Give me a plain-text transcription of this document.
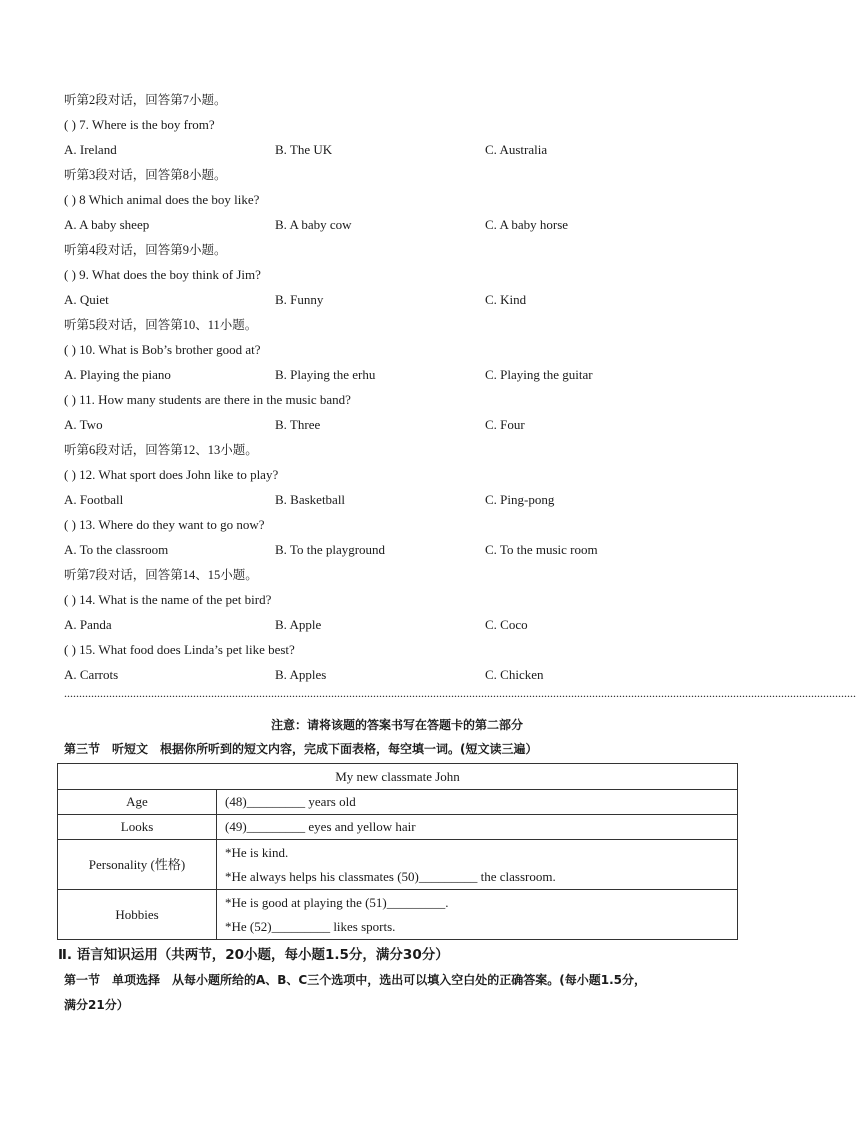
听第2段对话，回答第7小题。
( ) 7. Where is the boy from?
A. Ireland	B. The UK	C. Australia
听第3段对话，回答第8小题。
( ) 8 Which animal does the boy like?
A. A baby sheep	B. A baby cow	C. A baby horse
听第4段对话，回答第9小题。
( ) 9. What does the boy think of Jim?
A. Quiet	B. Funny	C. Kind
听第5段对话，回答第10、11小题。
( ) 10. What is Bob’s brother good at?
A. Playing the piano	B. Playing the erhu	C. Playing the guitar
( ) 11. How many students are there in the music band?
A. Two	B. Three	C. Four
听第6段对话，回答第12、13小题。
( ) 12. What sport does John like to play?
A. Football	B. Basketball	C. Ping-pong
( ) 13. Where do they want to go now?
A. To the classroom	B. To the playground	C. To the music room
听第7段对话，回答第14、15小题。
( ) 14. What is the name of the pet bird?
A. Panda	B. Apple	C. Coco
( ) 15. What food does Linda’s pet like best?
A. Carrots	B. Apples	C. Chicken
........................................................................................................................................................................................................................................................................
注意：请将该题的答案书写在答题卡的第二部分
第三节　听短文　根据你所听到的短文内容，完成下面表格，每空填一词。(短文读三遍）
My new classmate John	
Age	(48)_________ years old
Looks	(49)_________ eyes and yellow hair
Personality (性格)	*He is kind.
*He always helps his classmates (50)_________ the classroom.

Hobbies	*He is good at playing the (51)_________.
*He (52)_________ likes sports.
Ⅱ. 语言知识运用（共两节，20小题，每小题1.5分，满分30分）
第一节　单项选择　从每小题所给的A、B、C三个选项中，选出可以填入空白处的正确答案。(每小题1.5分，
满分21分）
